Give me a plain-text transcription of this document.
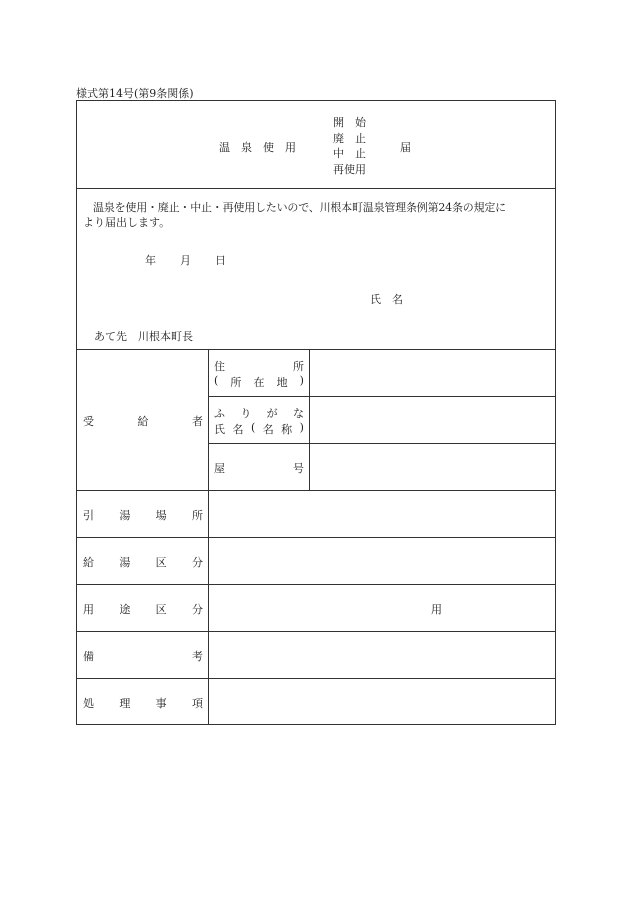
様式第14号(第9条関係)
温　泉　使　用
開　始
廃　止
中　止
再使用
届
温泉を使用・廃止・中止・再使用したいので、川根本町温泉管理条例第24条の規定に
より届出します。
年 月 日
氏　名
あて先　川根本町長
受	給	者
住	所
( 所 在 地 )
ふ り が な
氏 名 ( 名 称 )
屋	号
引 湯 場 所
給 湯 区 分
用 途 区 分	用
備	考
処 理 事 項
